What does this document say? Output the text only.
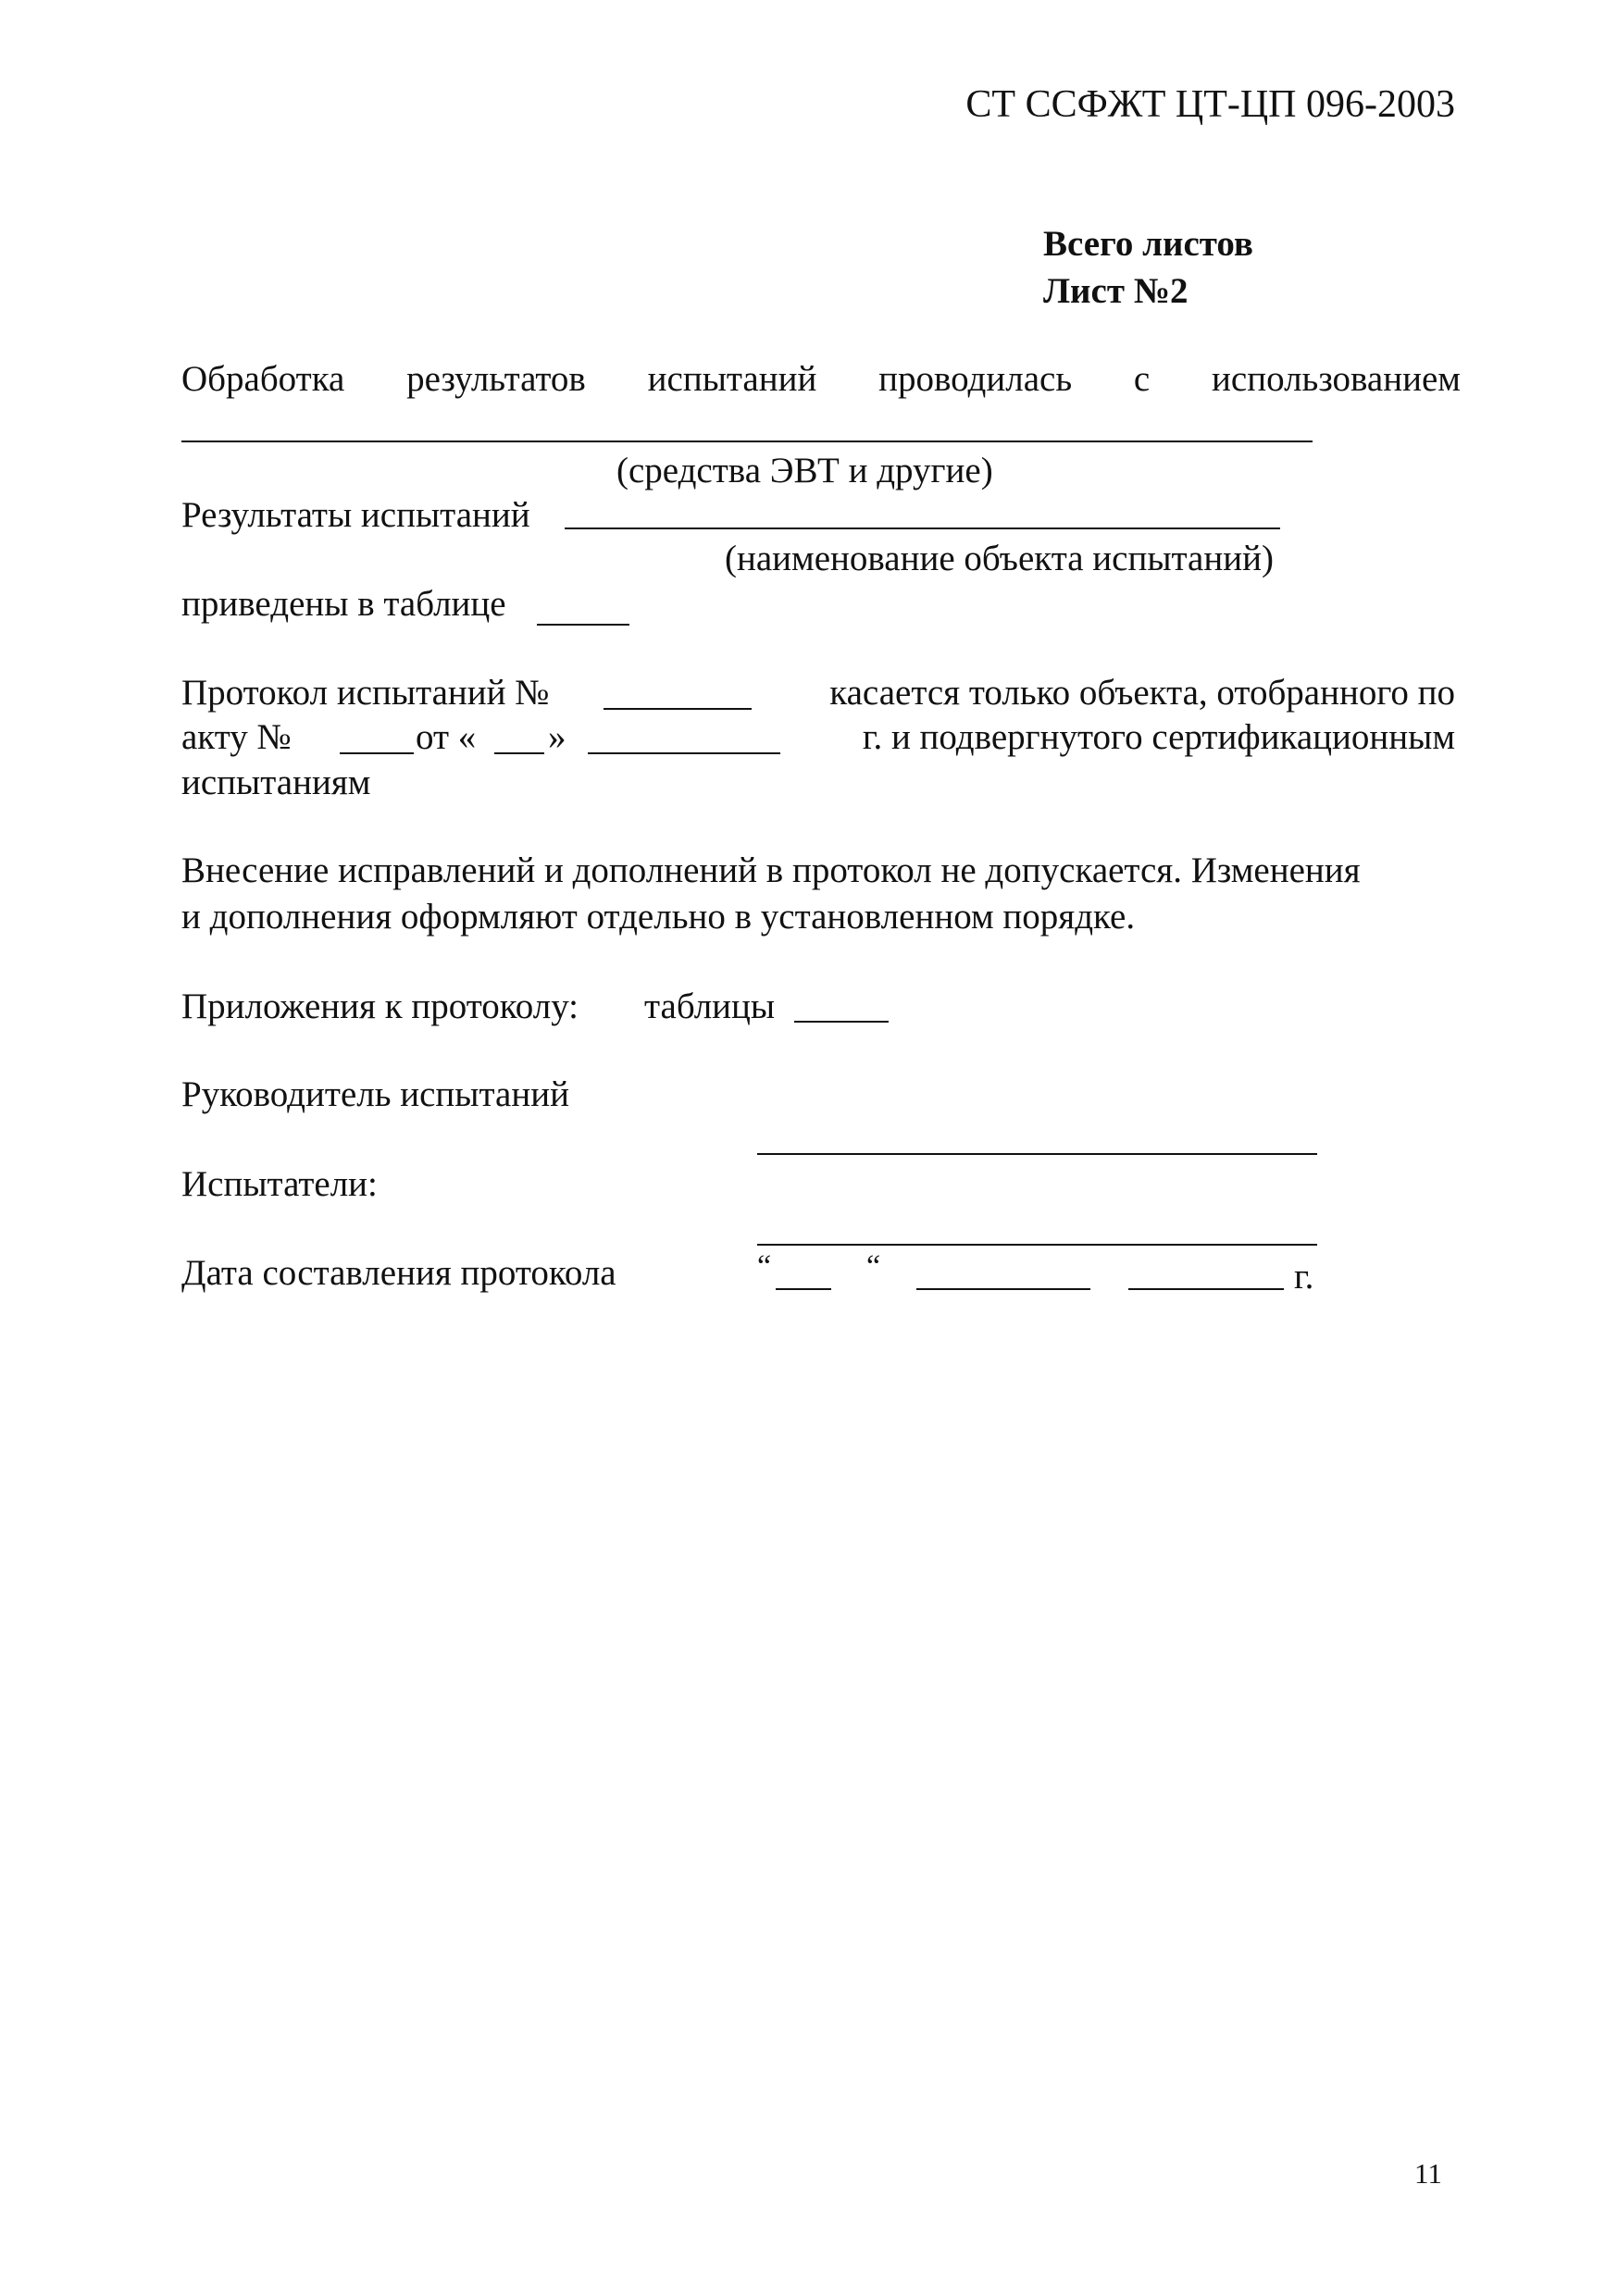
СТ ССФЖТ ЦТ-ЦП 096-2003
Всего листов
Лист №2
Обработка результатов испытаний проводилась с использованием
(средства ЭВТ и другие)
Результаты испытаний
(наименование объекта испытаний)
приведены в таблице
Протокол испытаний №	касается только объекта, отобранного по
акту №	от « »	г. и подвергнутого сертификационным
испытаниям
Внесение исправлений и дополнений в протокол не допускается. Изменения
и дополнения оформляют отдельно в установленном порядке.
Приложения к протоколу: таблицы
Руководитель испытаний
Испытатели:
Дата составления протокола	“	“	г.
11
